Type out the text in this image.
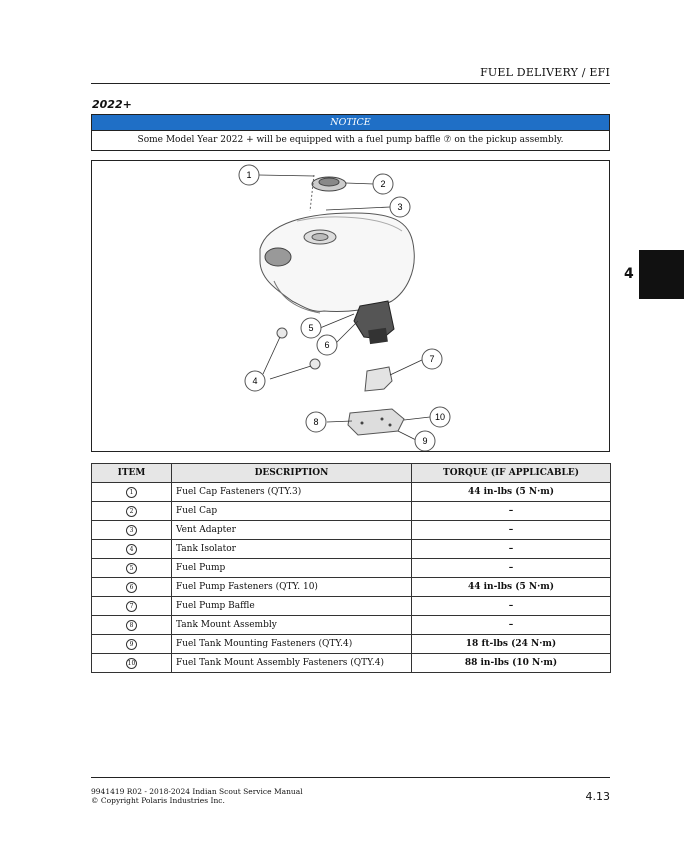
FUEL DELIVERY / EFI
2022+
NOTICE
Some Model Year 2022 + will be equipped with a fuel pump baffle ⑦ on the pickup assembly.
1
2
3
4
5
6
7
8
9
10
4
ITEM	DESCRIPTION	TORQUE (IF APPLICABLE)
1	Fuel Cap Fasteners (QTY.3)	44 in-lbs (5 N·m)
2	Fuel Cap	–
3	Vent Adapter	–
4	Tank Isolator	–
5	Fuel Pump	–
6	Fuel Pump Fasteners (QTY. 10)	44 in-lbs (5 N·m)
7	Fuel Pump Baffle	–
8	Tank Mount Assembly	–
9	Fuel Tank Mounting Fasteners (QTY.4)	18 ft-lbs (24 N·m)
10	Fuel Tank Mount Assembly Fasteners (QTY.4)	88 in-lbs (10 N·m)
9941419 R02 - 2018-2024 Indian Scout Service Manual
© Copyright Polaris Industries Inc.	4.13
